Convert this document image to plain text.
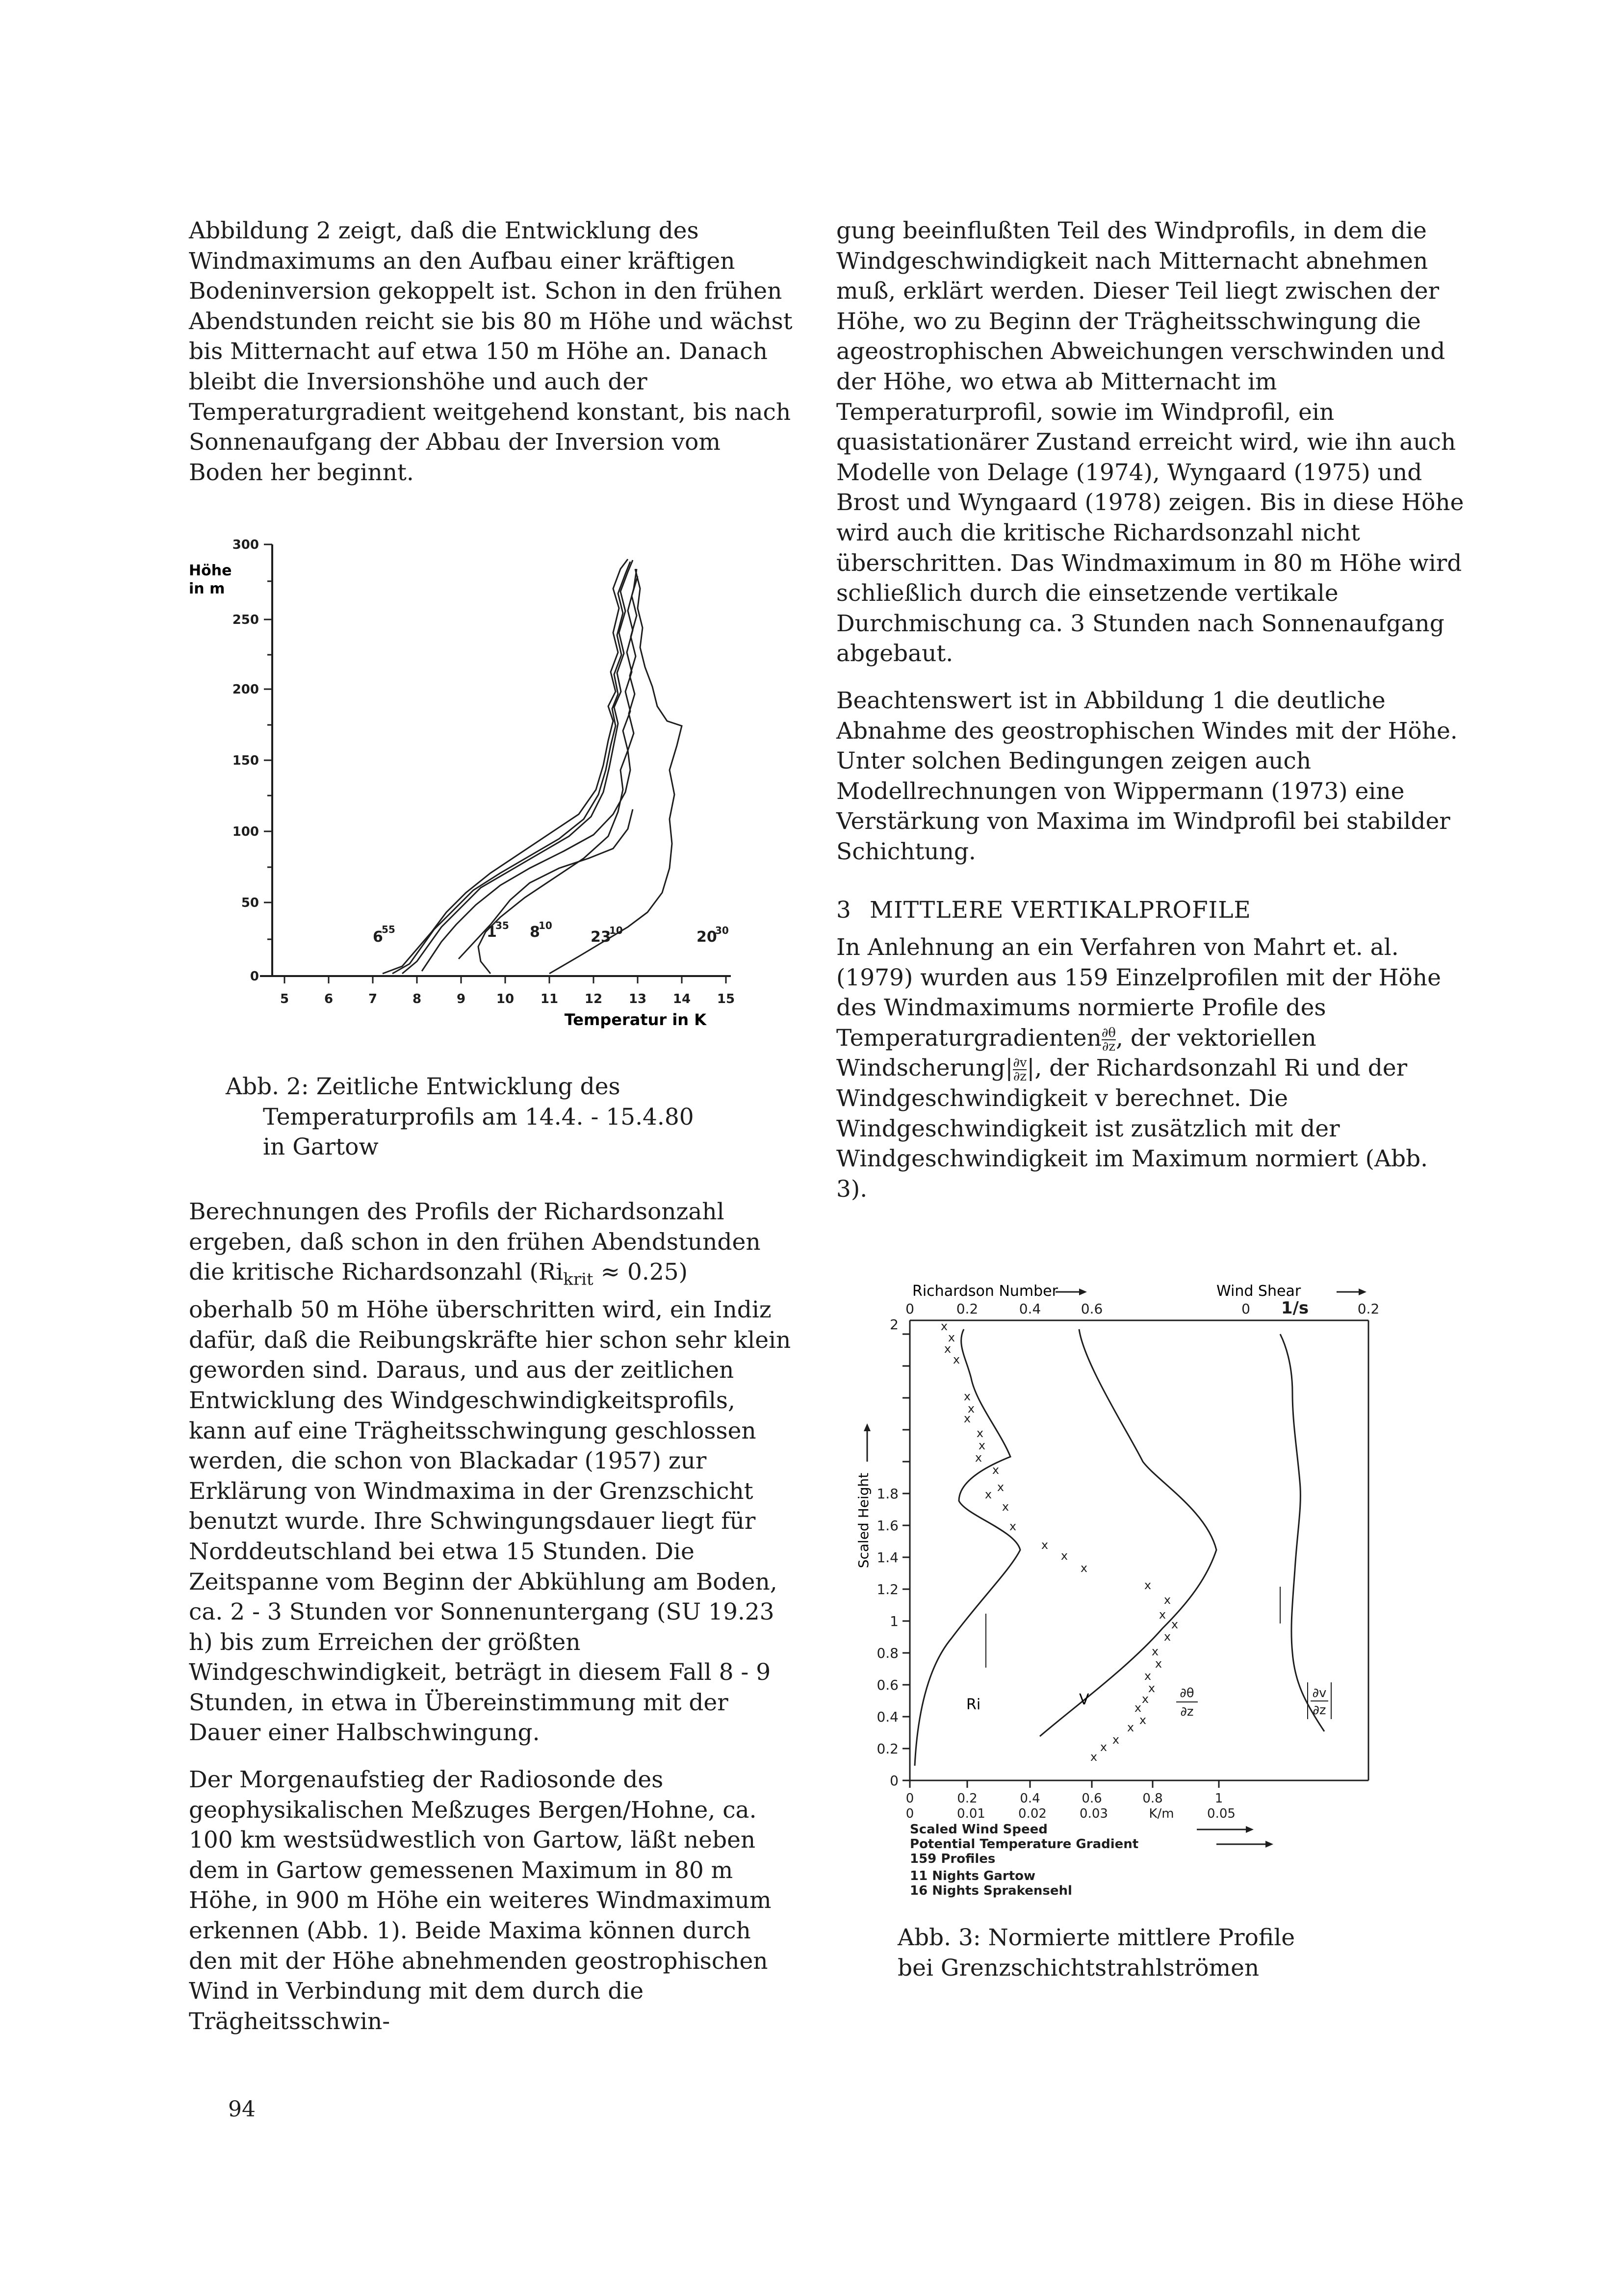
Abbildung 2 zeigt, daß die Entwicklung des Windmaximums an den Aufbau einer kräftigen Bodeninversion gekoppelt ist. Schon in den frühen Abendstunden reicht sie bis 80 m Höhe und wächst bis Mitternacht auf etwa 150 m Höhe an. Danach bleibt die Inversionshöhe und auch der Temperaturgradient weitgehend konstant, bis nach Sonnenaufgang der Abbau der Inversion vom Boden her beginnt.

0
50
100
150
200
250
300
Höhe
in m
5	6	7	8	9 10 11 12 13 14 15
Temperatur in K
6
55	1
35 8
10
23
10	20
30

Abb. 2: Zeitliche Entwicklung des

Temperaturprofils am 14.4. - 15.4.80

in Gartow

Berechnungen des Profils der Richardsonzahl ergeben, daß schon in den frühen Abendstunden die kritische Richardsonzahl $(Ri_{krit} \approx 0.25)$ oberhalb 50 m Höhe überschritten wird, ein Indiz dafür, daß die Reibungskräfte hier schon sehr klein geworden sind. Daraus, und aus der zeitlichen Entwicklung des Windgeschwindigkeitsprofils, kann auf eine Trägheitsschwingung geschlossen werden, die schon von Blackadar (1957) zur Erklärung von Windmaxima in der Grenzschicht benutzt wurde. Ihre Schwingungsdauer liegt für Norddeutschland bei etwa 15 Stunden. Die Zeitspanne vom Beginn der Abkühlung am Boden, ca. 2 - 3 Stunden vor Sonnenuntergang (SU 19.23 h) bis zum Erreichen der größten Windgeschwindigkeit, beträgt in diesem Fall 8 - 9 Stunden, in etwa in Übereinstimmung mit der Dauer einer Halbschwingung.

Der Morgenaufstieg der Radiosonde des geophysikalischen Meßzuges Bergen/Hohne, ca. 100 km westsüdwestlich von Gartow, läßt neben dem in Gartow gemessenen Maximum in 80 m Höhe, in 900 m Höhe ein weiteres Windmaximum erkennen (Abb. 1). Beide Maxima können durch den mit der Höhe abnehmenden geostrophischen Wind in Verbindung mit dem durch die Trägheitsschwin-

gung beeinflußten Teil des Windprofils, in dem die Windgeschwindigkeit nach Mitternacht abnehmen muß, erklärt werden. Dieser Teil liegt zwischen der Höhe, wo zu Beginn der Trägheitsschwingung die ageostrophischen Abweichungen verschwinden und der Höhe, wo etwa ab Mitternacht im Temperaturprofil, sowie im Windprofil, ein quasistationärer Zustand erreicht wird, wie ihn auch Modelle von Delage (1974), Wyngaard (1975) und Brost und Wyngaard (1978) zeigen. Bis in diese Höhe wird auch die kritische Richardsonzahl nicht überschritten. Das Windmaximum in 80 m Höhe wird schließlich durch die einsetzende vertikale Durchmischung ca. 3 Stunden nach Sonnenaufgang abgebaut.

Beachtenswert ist in Abbildung 1 die deutliche Abnahme des geostrophischen Windes mit der Höhe. Unter solchen Bedingungen zeigen auch Modellrechnungen von Wippermann (1973) eine Verstärkung von Maxima im Windprofil bei stabilder Schichtung.

3 MITTLERE VERTIKALPROFILE

In Anlehnung an ein Verfahren von Mahrt et. al. (1979) wurden aus 159 Einzelprofilen mit der Höhe des Windmaximums normierte Profile des Temperaturgradienten $\frac{\partial\theta}{\partial z}$ , der vektoriellen Windscherung| $\frac{\partial v}{\partial z}$ |, der Richardsonzahl Ri und der Windgeschwindigkeit v berechnet. Die Windgeschwindigkeit ist zusätzlich mit der Windgeschwindigkeit im Maximum normiert (Abb. 3).

Richardson Number	Wind Shear
0	0.2	0.4	0.6	0 1/s	0.2
0
0.2
0.4
0.6
0.8
1
1.2
1.4
1.6
1.8
2
Scaled Height
x
x
x
x
x
x
x
x
x
x
x
x
x
x
x
x
x
x
x
x
x
x
x
x
x
x
x
x
x
x
x
x
x
x
Ri	V	∂θ
∂z
∂v
∂z
0	0.2	0.4	0.6	0.8	1
0	0.01	0.02	0.03	K/m	0.05
Scaled Wind Speed
Potential Temperature Gradient
159 Profiles
11 Nights Gartow
16 Nights Sprakensehl

Abb. 3: Normierte mittlere Profile

bei Grenzschichtstrahlströmen

94
